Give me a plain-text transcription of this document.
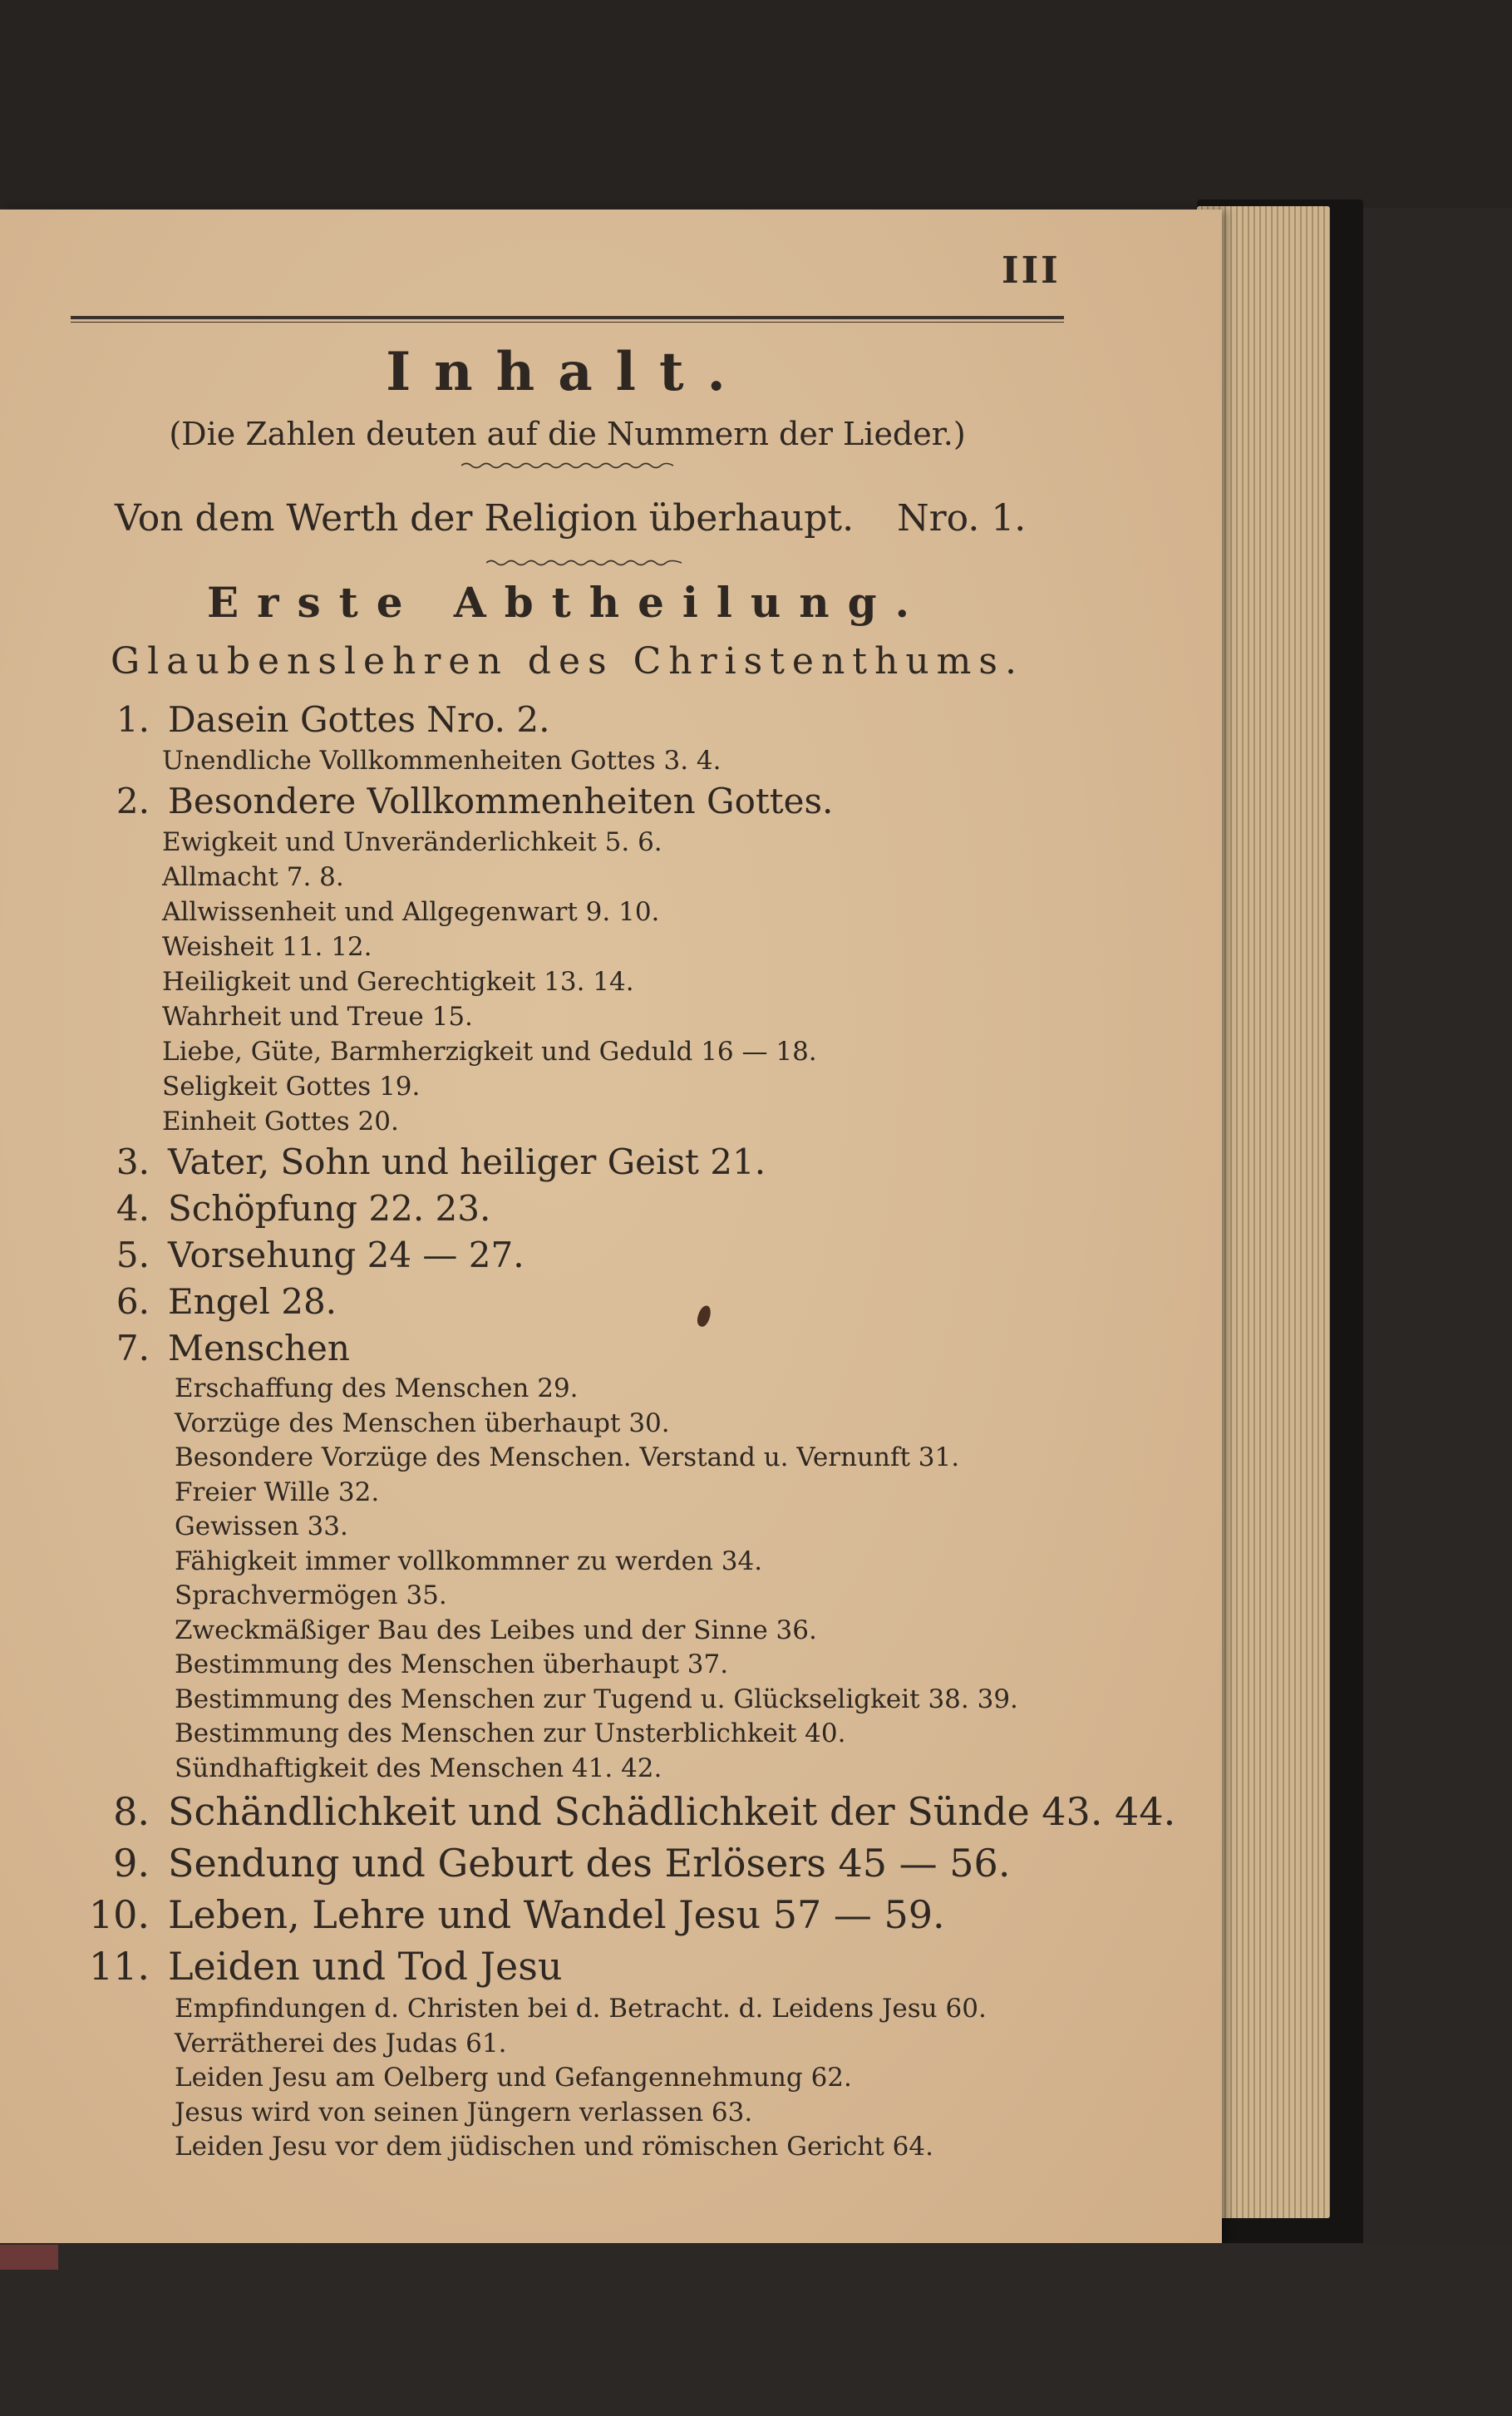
III
Inhalt.
(Die Zahlen deuten auf die Nummern der Lieder.)
Von dem Werth der Religion überhaupt. Nro. 1.
Erste Abtheilung.
Glaubenslehren des Christenthums.
1. Dasein Gottes Nro. 2.
Unendliche Vollkommenheiten Gottes 3. 4.
2. Besondere Vollkommenheiten Gottes.
Ewigkeit und Unveränderlichkeit 5. 6.
Allmacht 7. 8.
Allwissenheit und Allgegenwart 9. 10.
Weisheit 11. 12.
Heiligkeit und Gerechtigkeit 13. 14.
Wahrheit und Treue 15.
Liebe, Güte, Barmherzigkeit und Geduld 16 — 18.
Seligkeit Gottes 19.
Einheit Gottes 20.
3. Vater, Sohn und heiliger Geist 21.
4. Schöpfung 22. 23.
5. Vorsehung 24 — 27.
6. Engel 28.
7. Menschen
Erschaffung des Menschen 29.
Vorzüge des Menschen überhaupt 30.
Besondere Vorzüge des Menschen. Verstand u. Vernunft 31.
Freier Wille 32.
Gewissen 33.
Fähigkeit immer vollkommner zu werden 34.
Sprachvermögen 35.
Zweckmäßiger Bau des Leibes und der Sinne 36.
Bestimmung des Menschen überhaupt 37.
Bestimmung des Menschen zur Tugend u. Glückseligkeit 38. 39.
Bestimmung des Menschen zur Unsterblichkeit 40.
Sündhaftigkeit des Menschen 41. 42.
8. Schändlichkeit und Schädlichkeit der Sünde 43. 44.
9. Sendung und Geburt des Erlösers 45 — 56.
10. Leben, Lehre und Wandel Jesu 57 — 59.
11. Leiden und Tod Jesu
Empfindungen d. Christen bei d. Betracht. d. Leidens Jesu 60.
Verrätherei des Judas 61.
Leiden Jesu am Oelberg und Gefangennehmung 62.
Jesus wird von seinen Jüngern verlassen 63.
Leiden Jesu vor dem jüdischen und römischen Gericht 64.
